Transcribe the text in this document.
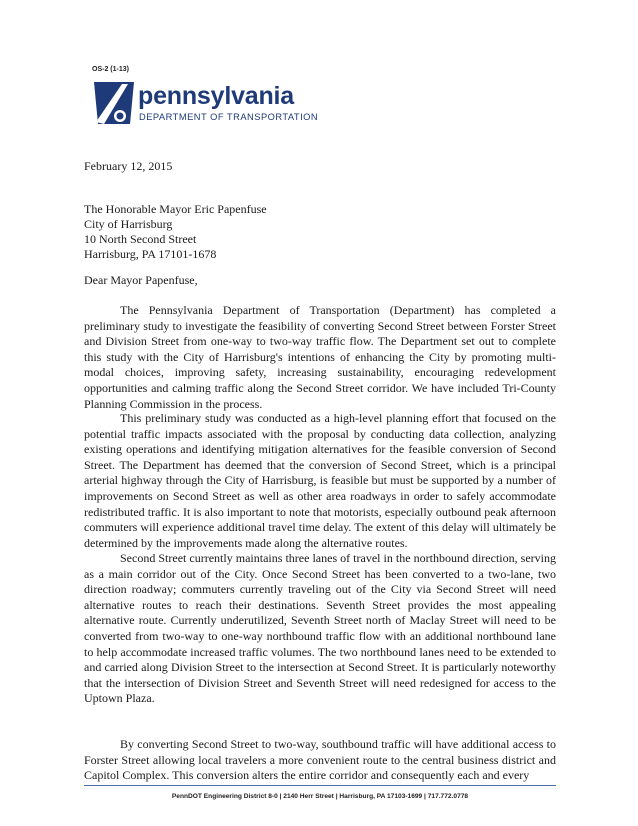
OS-2 (1-13)
pennsylvania
DEPARTMENT OF TRANSPORTATION
February 12, 2015
The Honorable Mayor Eric Papenfuse
City of Harrisburg
10 North Second Street
Harrisburg, PA 17101-1678
Dear Mayor Papenfuse,

The Pennsylvania Department of Transportation (Department) has completed a preliminary study to investigate the feasibility of converting Second Street between Forster Street and Division Street from one-way to two-way traffic flow. The Department set out to complete this study with the City of Harrisburg's intentions of enhancing the City by promoting multi-modal choices, improving safety, increasing sustainability, encouraging redevelopment opportunities and calming traffic along the Second Street corridor. We have included Tri-County Planning Commission in the process.

This preliminary study was conducted as a high-level planning effort that focused on the potential traffic impacts associated with the proposal by conducting data collection, analyzing existing operations and identifying mitigation alternatives for the feasible conversion of Second Street. The Department has deemed that the conversion of Second Street, which is a principal arterial highway through the City of Harrisburg, is feasible but must be supported by a number of improvements on Second Street as well as other area roadways in order to safely accommodate redistributed traffic. It is also important to note that motorists, especially outbound peak afternoon commuters will experience additional travel time delay. The extent of this delay will ultimately be determined by the improvements made along the alternative routes.

Second Street currently maintains three lanes of travel in the northbound direction, serving as a main corridor out of the City. Once Second Street has been converted to a two-lane, two direction roadway; commuters currently traveling out of the City via Second Street will need alternative routes to reach their destinations. Seventh Street provides the most appealing alternative route. Currently underutilized, Seventh Street north of Maclay Street will need to be converted from two-way to one-way northbound traffic flow with an additional northbound lane to help accommodate increased traffic volumes. The two northbound lanes need to be extended to and carried along Division Street to the intersection at Second Street. It is particularly noteworthy that the intersection of Division Street and Seventh Street will need redesigned for access to the Uptown Plaza.

By converting Second Street to two-way, southbound traffic will have additional access to Forster Street allowing local travelers a more convenient route to the central business district and Capitol Complex. This conversion alters the entire corridor and consequently each and every

PennDOT Engineering District 8-0 | 2140 Herr Street | Harrisburg, PA 17103-1699 | 717.772.0778
